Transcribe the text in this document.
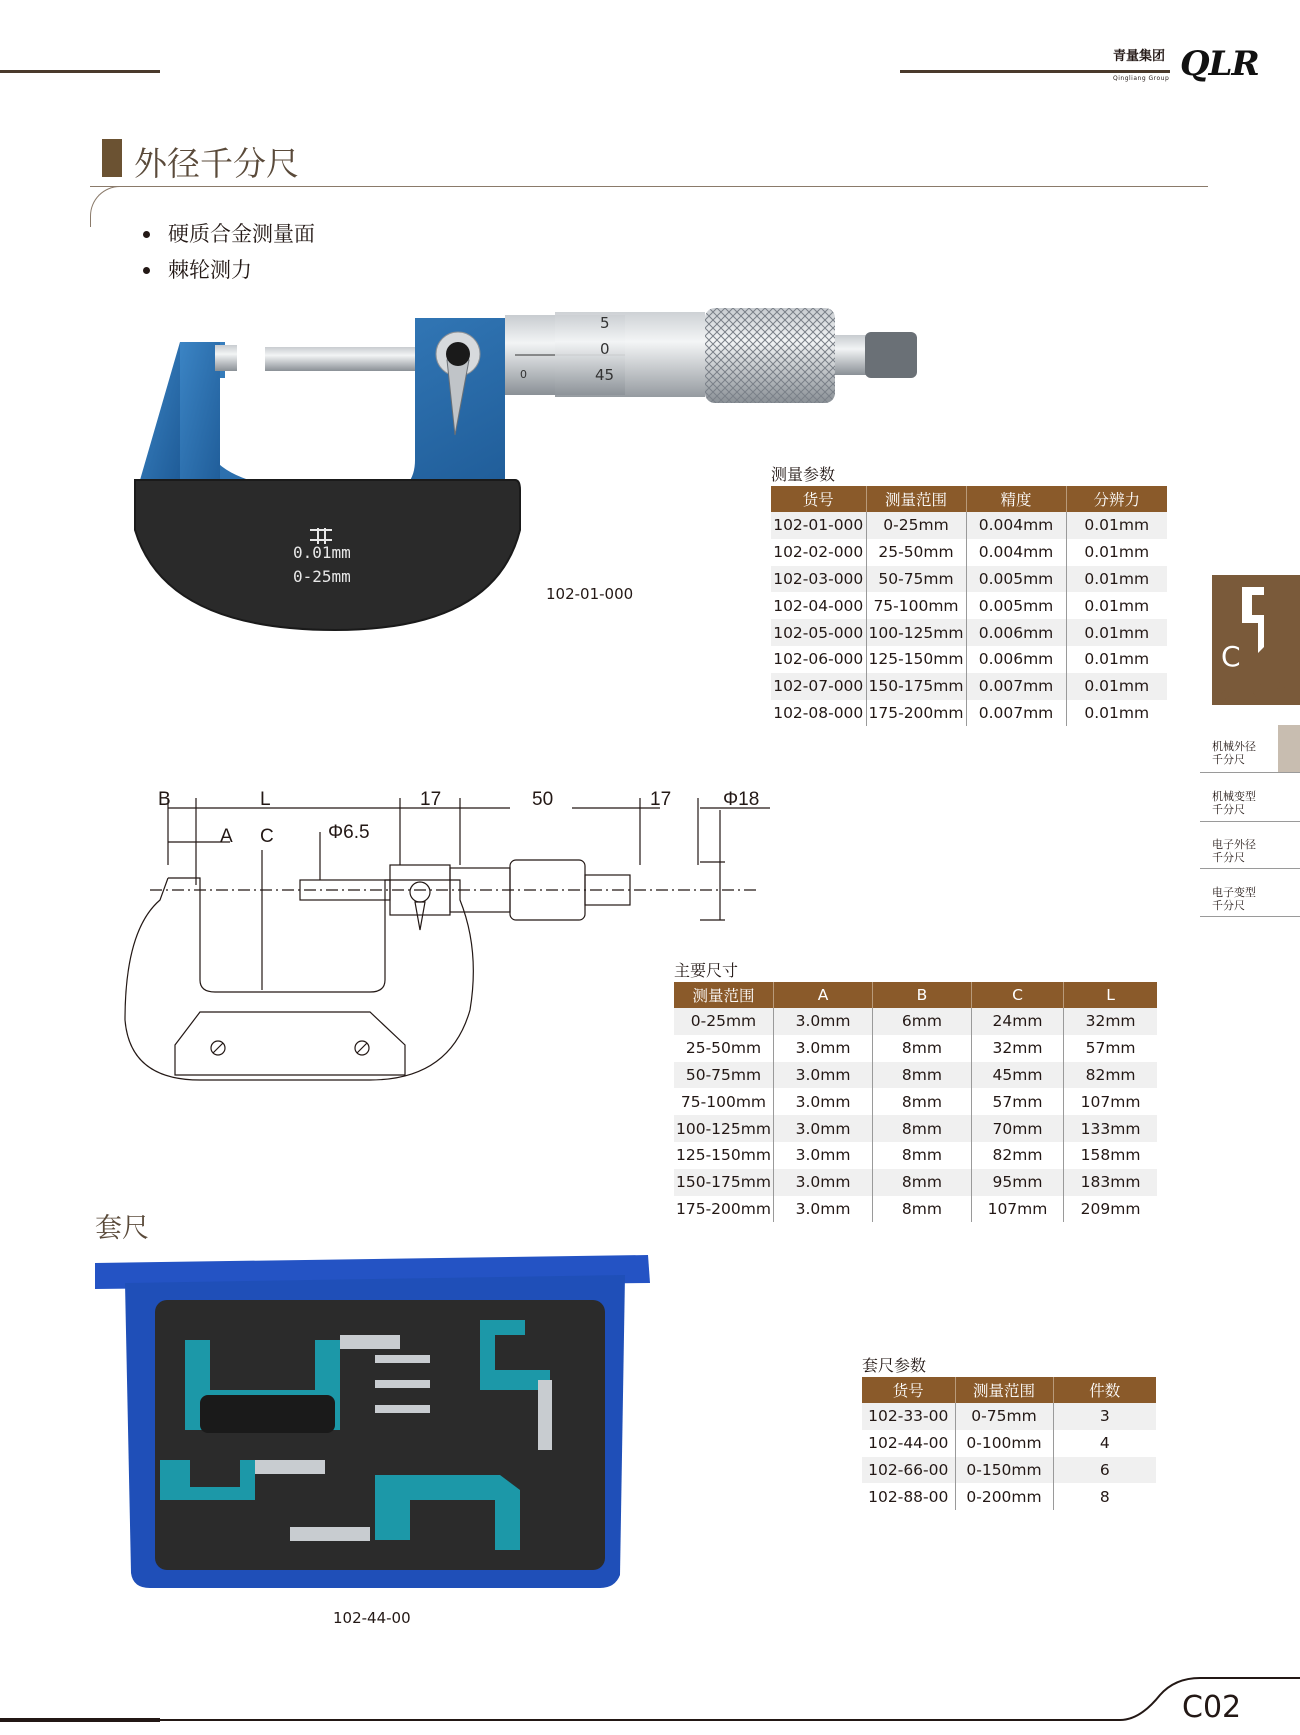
青量集团
Qingliang Group QLR
外径千分尺
硬质合金测量面
棘轮测力
0
5
0
45
0.01mm
0-25mm
102-01-000
测量参数
货号	测量范围	精度	分辨力
102-01-000	0-25mm	0.004mm	0.01mm
102-02-000	25-50mm	0.004mm	0.01mm
102-03-000	50-75mm	0.005mm	0.01mm
102-04-000	75-100mm	0.005mm	0.01mm
102-05-000	100-125mm	0.006mm	0.01mm
102-06-000	125-150mm	0.006mm	0.01mm
102-07-000	150-175mm	0.007mm	0.01mm
102-08-000	175-200mm	0.007mm	0.01mm
B	L	17	50	17	Φ18
A C	Φ6.5
主要尺寸
测量范围	A	B	C	L
0-25mm	3.0mm	6mm	24mm	32mm
25-50mm	3.0mm	8mm	32mm	57mm
50-75mm	3.0mm	8mm	45mm	82mm
75-100mm	3.0mm	8mm	57mm	107mm
100-125mm	3.0mm	8mm	70mm	133mm
125-150mm	3.0mm	8mm	82mm	158mm
150-175mm	3.0mm	8mm	95mm	183mm
175-200mm	3.0mm	8mm	107mm	209mm
套尺
102-44-00
套尺参数
货号	测量范围	件数
102-33-00	0-75mm	3
102-44-00	0-100mm	4
102-66-00	0-150mm	6
102-88-00	0-200mm	8
C
外尺寸
机械外径
千分尺
机械变型
千分尺
电子外径
千分尺
电子变型
千分尺
C02
